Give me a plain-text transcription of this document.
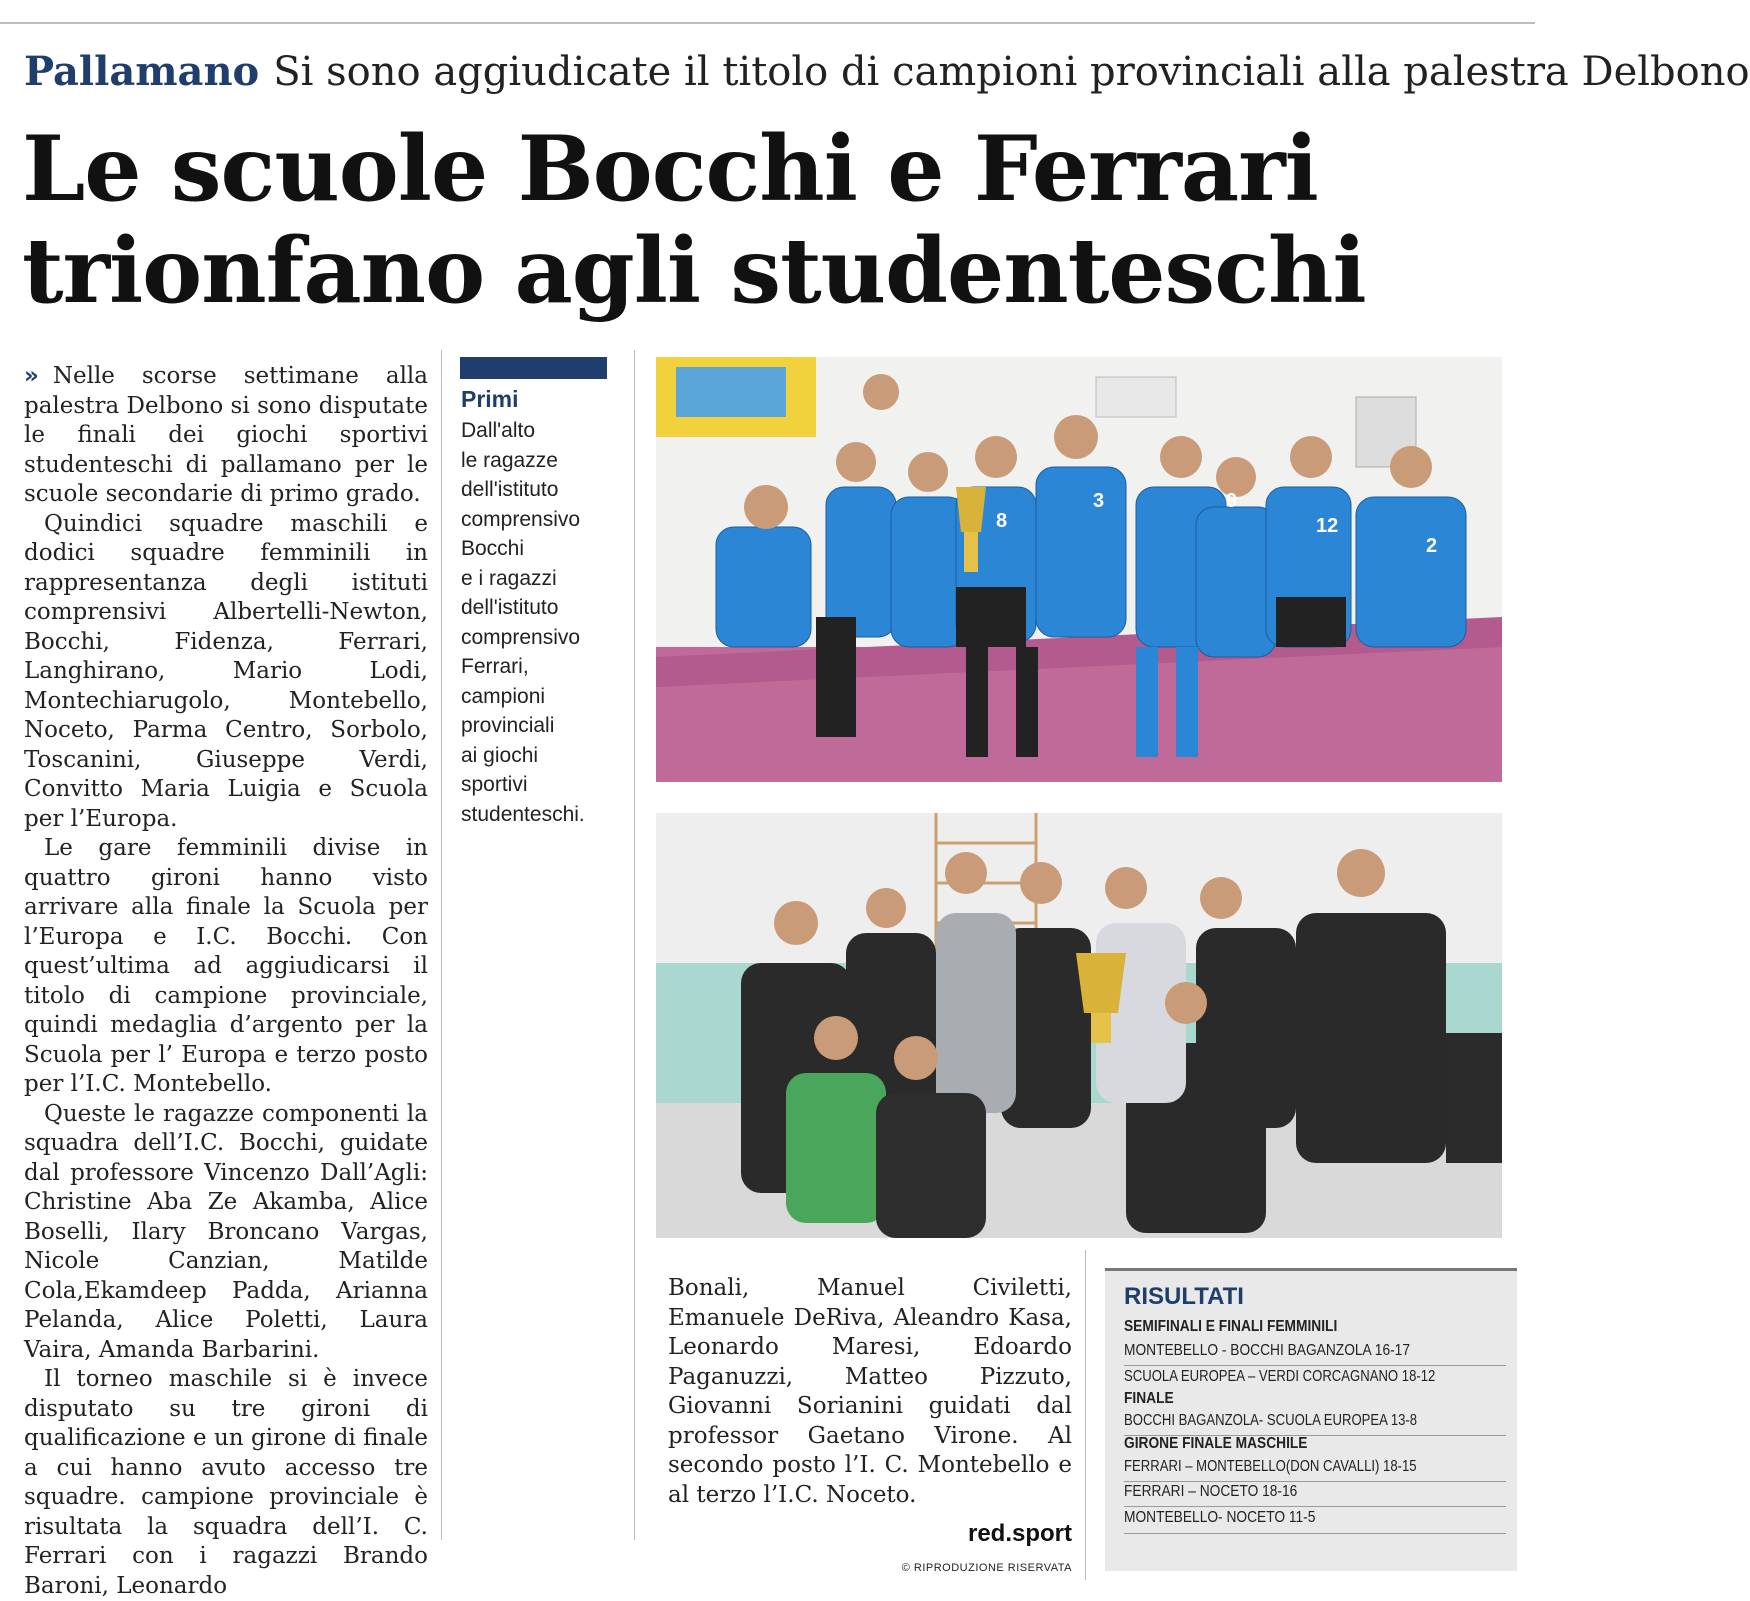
Pallamano Si sono aggiudicate il titolo di campioni provinciali alla palestra Delbono
Le scuole Bocchi e Ferrari
trionfano agli studenteschi

» Nelle scorse settimane alla palestra Delbono si sono disputate le finali dei giochi sportivi studenteschi di pallamano per le scuole secondarie di primo grado.

Quindici squadre maschili e dodici squadre femminili in rappresentanza degli istituti comprensivi Albertelli-Newton, Bocchi, Fidenza, Ferrari, Langhirano, Mario Lodi, Montechiarugolo, Montebello, Noceto, Parma Centro, Sorbolo, Toscanini, Giuseppe Verdi, Convitto Maria Luigia e Scuola per l’Europa.

Le gare femminili divise in quattro gironi hanno visto arrivare alla finale la Scuola per l’Europa e I.C. Bocchi. Con quest’ultima ad aggiudicarsi il titolo di campione provinciale, quindi medaglia d’argento per la Scuola per l’ Europa e terzo posto per l’I.C. Montebello.

Queste le ragazze componenti la squadra dell’I.C. Bocchi, guidate dal professore Vincenzo Dall’Agli: Christine Aba Ze Akamba, Alice Boselli, Ilary Broncano Vargas, Nicole Canzian, Matilde Cola,Ekamdeep Padda, Arianna Pelanda, Alice Poletti, Laura Vaira, Amanda Barbarini.

Il torneo maschile si è invece disputato su tre gironi di qualificazione e un girone di finale a cui hanno avuto accesso tre squadre. campione provinciale è risultata la squadra dell’I. C. Ferrari con i ragazzi Brando Baroni, Leonardo

Primi
Dall'alto
le ragazze
dell'istituto
comprensivo
Bocchi
e i ragazzi
dell'istituto
comprensivo
Ferrari,
campioni
provinciali
ai giochi
sportivi
studenteschi.
8
3	9
12
2

Bonali, Manuel Civiletti, Emanuele DeRiva, Aleandro Kasa, Leonardo Maresi, Edoardo Paganuzzi, Matteo Pizzuto, Giovanni Sorianini guidati dal professor Gaetano Virone. Al secondo posto l’I. C. Montebello e al terzo l’I.C. Noceto.

red.sport
© RIPRODUZIONE RISERVATA
RISULTATI
SEMIFINALI E FINALI FEMMINILI
MONTEBELLO - BOCCHI BAGANZOLA 16-17
SCUOLA EUROPEA – VERDI CORCAGNANO 18-12
FINALE
BOCCHI BAGANZOLA- SCUOLA EUROPEA 13-8
GIRONE FINALE MASCHILE
FERRARI – MONTEBELLO(DON CAVALLI) 18-15
FERRARI – NOCETO 18-16
MONTEBELLO- NOCETO 11-5
